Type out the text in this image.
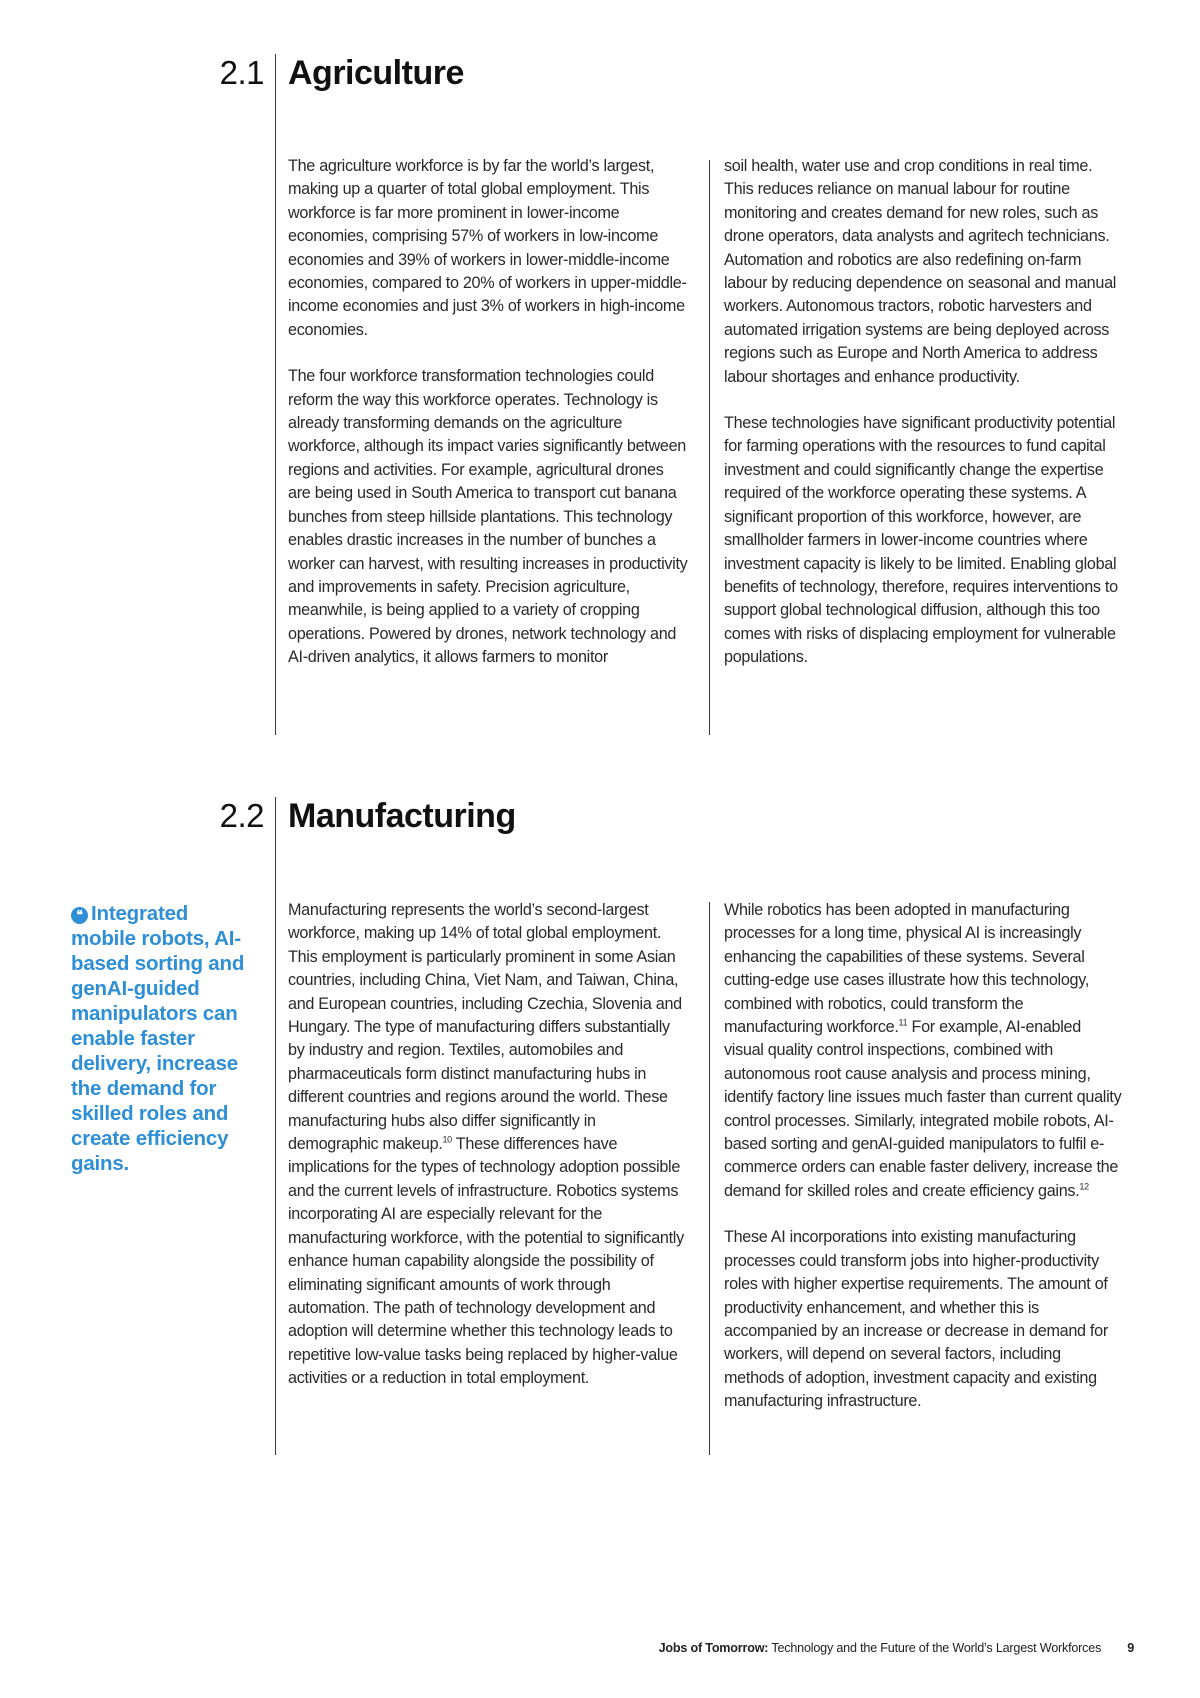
2.1 Agriculture

The agriculture workforce is by far the world’s largest, making up a quarter of total global employment. This workforce is far more prominent in lower-income economies, comprising 57% of workers in low-income economies and 39% of workers in lower-middle-income economies, compared to 20% of workers in upper-middle-income economies and just 3% of workers in high-income economies.

The four workforce transformation technologies could reform the way this workforce operates. Technology is already transforming demands on the agriculture workforce, although its impact varies significantly between regions and activities. For example, agricultural drones are being used in South America to transport cut banana bunches from steep hillside plantations. This technology enables drastic increases in the number of bunches a worker can harvest, with resulting increases in productivity and improvements in safety. Precision agriculture, meanwhile, is being applied to a variety of cropping operations. Powered by drones, network technology and AI-driven analytics, it allows farmers to monitor

soil health, water use and crop conditions in real time. This reduces reliance on manual labour for routine monitoring and creates demand for new roles, such as drone operators, data analysts and agritech technicians. Automation and robotics are also redefining on-farm labour by reducing dependence on seasonal and manual workers. Autonomous tractors, robotic harvesters and automated irrigation systems are being deployed across regions such as Europe and North America to address labour shortages and enhance productivity.

These technologies have significant productivity potential for farming operations with the resources to fund capital investment and could significantly change the expertise required of the workforce operating these systems. A significant proportion of this workforce, however, are smallholder farmers in lower-income countries where investment capacity is likely to be limited. Enabling global benefits of technology, therefore, requires interventions to support global technological diffusion, although this too comes with risks of displacing employment for vulnerable populations.

2.2 Manufacturing
❝ Integrated mobile robots, AI-based sorting and genAI-guided manipulators can enable faster delivery, increase the demand for skilled roles and create efficiency gains.

Manufacturing represents the world’s second-largest workforce, making up 14% of total global employment. This employment is particularly prominent in some Asian countries, including China, Viet Nam, and Taiwan, China, and European countries, including Czechia, Slovenia and Hungary. The type of manufacturing differs substantially by industry and region. Textiles, automobiles and pharmaceuticals form distinct manufacturing hubs in different countries and regions around the world. These manufacturing hubs also differ significantly in demographic makeup.$^{10}$ These differences have implications for the types of technology adoption possible and the current levels of infrastructure. Robotics systems incorporating AI are especially relevant for the manufacturing workforce, with the potential to significantly enhance human capability alongside the possibility of eliminating significant amounts of work through automation. The path of technology development and adoption will determine whether this technology leads to repetitive low-value tasks being replaced by higher-value activities or a reduction in total employment.

While robotics has been adopted in manufacturing processes for a long time, physical AI is increasingly enhancing the capabilities of these systems. Several cutting-edge use cases illustrate how this technology, combined with robotics, could transform the manufacturing workforce.$^{11}$ For example, AI-enabled visual quality control inspections, combined with autonomous root cause analysis and process mining, identify factory line issues much faster than current quality control processes. Similarly, integrated mobile robots, AI-based sorting and genAI-guided manipulators to fulfil e-commerce orders can enable faster delivery, increase the demand for skilled roles and create efficiency gains.$^{12}$

These AI incorporations into existing manufacturing processes could transform jobs into higher-productivity roles with higher expertise requirements. The amount of productivity enhancement, and whether this is accompanied by an increase or decrease in demand for workers, will depend on several factors, including methods of adoption, investment capacity and existing manufacturing infrastructure.

Jobs of Tomorrow: Technology and the Future of the World’s Largest Workforces 9
